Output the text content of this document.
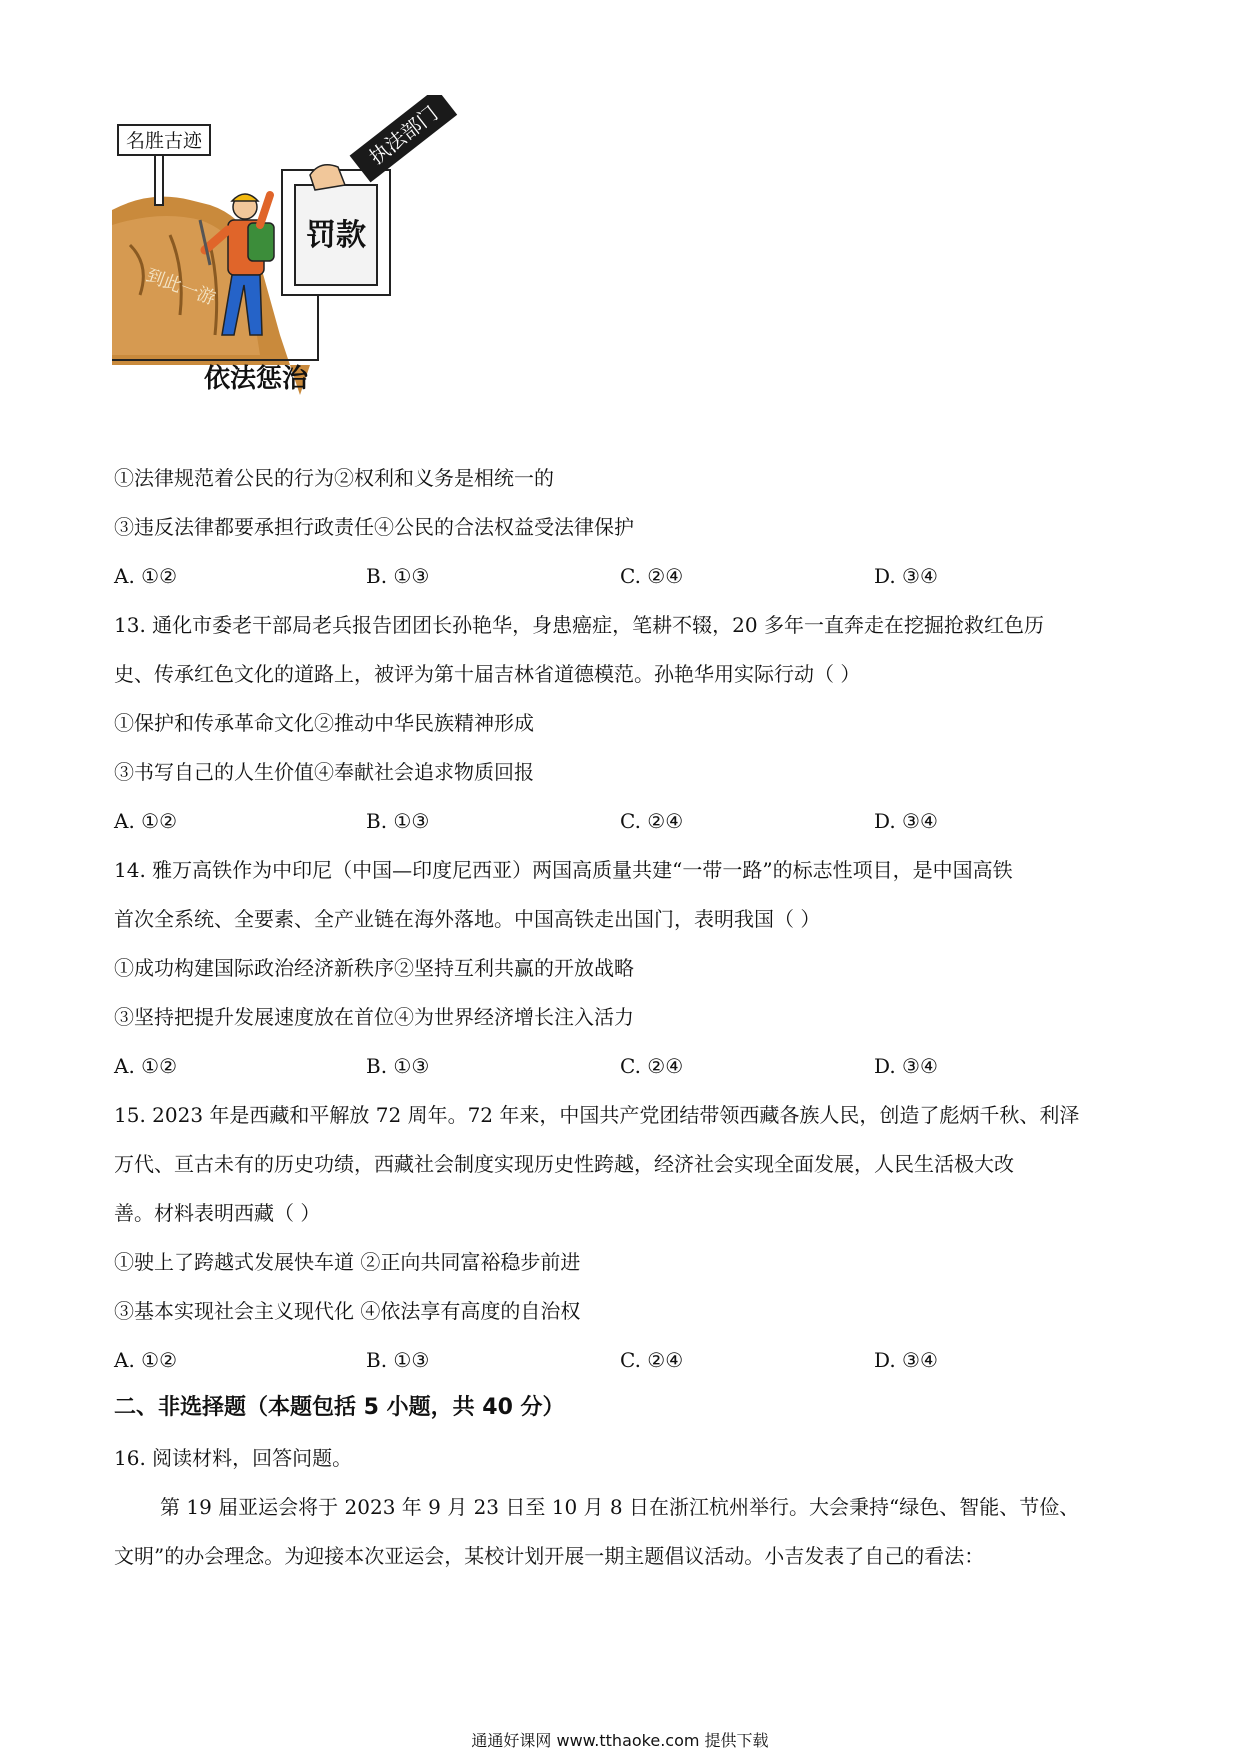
到此一游
名胜古迹
罚款
执法部门
依法惩治
①法律规范着公民的行为②权利和义务是相统一的
③违反法律都要承担行政责任④公民的合法权益受法律保护
A. ①②	B. ①③	C. ②④	D. ③④
13. 通化市委老干部局老兵报告团团长孙艳华，身患癌症，笔耕不辍，20 多年一直奔走在挖掘抢救红色历
史、传承红色文化的道路上，被评为第十届吉林省道德模范。孙艳华用实际行动（ ）
①保护和传承革命文化②推动中华民族精神形成
③书写自己的人生价值④奉献社会追求物质回报
A. ①②	B. ①③	C. ②④	D. ③④
14. 雅万高铁作为中印尼（中国—印度尼西亚）两国高质量共建“一带一路”的标志性项目，是中国高铁
首次全系统、全要素、全产业链在海外落地。中国高铁走出国门，表明我国（ ）
①成功构建国际政治经济新秩序②坚持互利共赢的开放战略
③坚持把提升发展速度放在首位④为世界经济增长注入活力
A. ①②	B. ①③	C. ②④	D. ③④
15. 2023 年是西藏和平解放 72 周年。72 年来，中国共产党团结带领西藏各族人民，创造了彪炳千秋、利泽
万代、亘古未有的历史功绩，西藏社会制度实现历史性跨越，经济社会实现全面发展，人民生活极大改
善。材料表明西藏（ ）
①驶上了跨越式发展快车道 ②正向共同富裕稳步前进
③基本实现社会主义现代化 ④依法享有高度的自治权
A. ①②	B. ①③	C. ②④	D. ③④
二、非选择题（本题包括 5 小题，共 40 分）
16. 阅读材料，回答问题。
第 19 届亚运会将于 2023 年 9 月 23 日至 10 月 8 日在浙江杭州举行。大会秉持“绿色、智能、节俭、
文明”的办会理念。为迎接本次亚运会，某校计划开展一期主题倡议活动。小吉发表了自己的看法：
通通好课网 www.tthaoke.com 提供下载
